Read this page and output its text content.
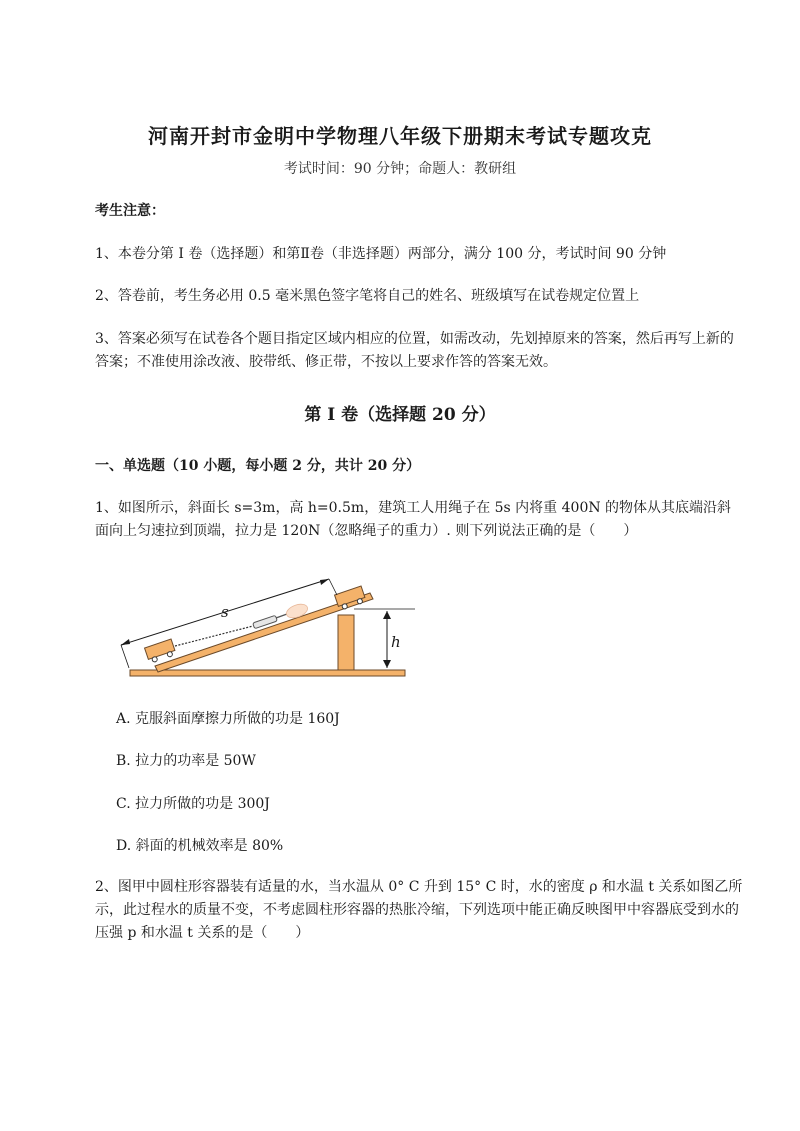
河南开封市金明中学物理八年级下册期末考试专题攻克

考试时间：90 分钟；命题人：教研组

考生注意：

1、本卷分第 I 卷（选择题）和第Ⅱ卷（非选择题）两部分，满分 100 分，考试时间 90 分钟

2、答卷前，考生务必用 0.5 毫米黑色签字笔将自己的姓名、班级填写在试卷规定位置上

3、答案必须写在试卷各个题目指定区域内相应的位置，如需改动，先划掉原来的答案，然后再写上新的答案；不准使用涂改液、胶带纸、修正带，不按以上要求作答的答案无效。

第 I 卷（选择题 20 分）

一、单选题（10 小题，每小题 2 分，共计 20 分）

1、如图所示，斜面长 s=3m，高 h=0.5m，建筑工人用绳子在 5s 内将重 400N 的物体从其底端沿斜面向上匀速拉到顶端，拉力是 120N（忽略绳子的重力）. 则下列说法正确的是（　　）

s
h

A. 克服斜面摩擦力所做的功是 160J

B. 拉力的功率是 50W

C. 拉力所做的功是 300J

D. 斜面的机械效率是 80%

2、图甲中圆柱形容器装有适量的水，当水温从 0° C 升到 15° C 时，水的密度 ρ 和水温 t 关系如图乙所示，此过程水的质量不变，不考虑圆柱形容器的热胀冷缩，下列选项中能正确反映图甲中容器底受到水的压强 p 和水温 t 关系的是（　　）
